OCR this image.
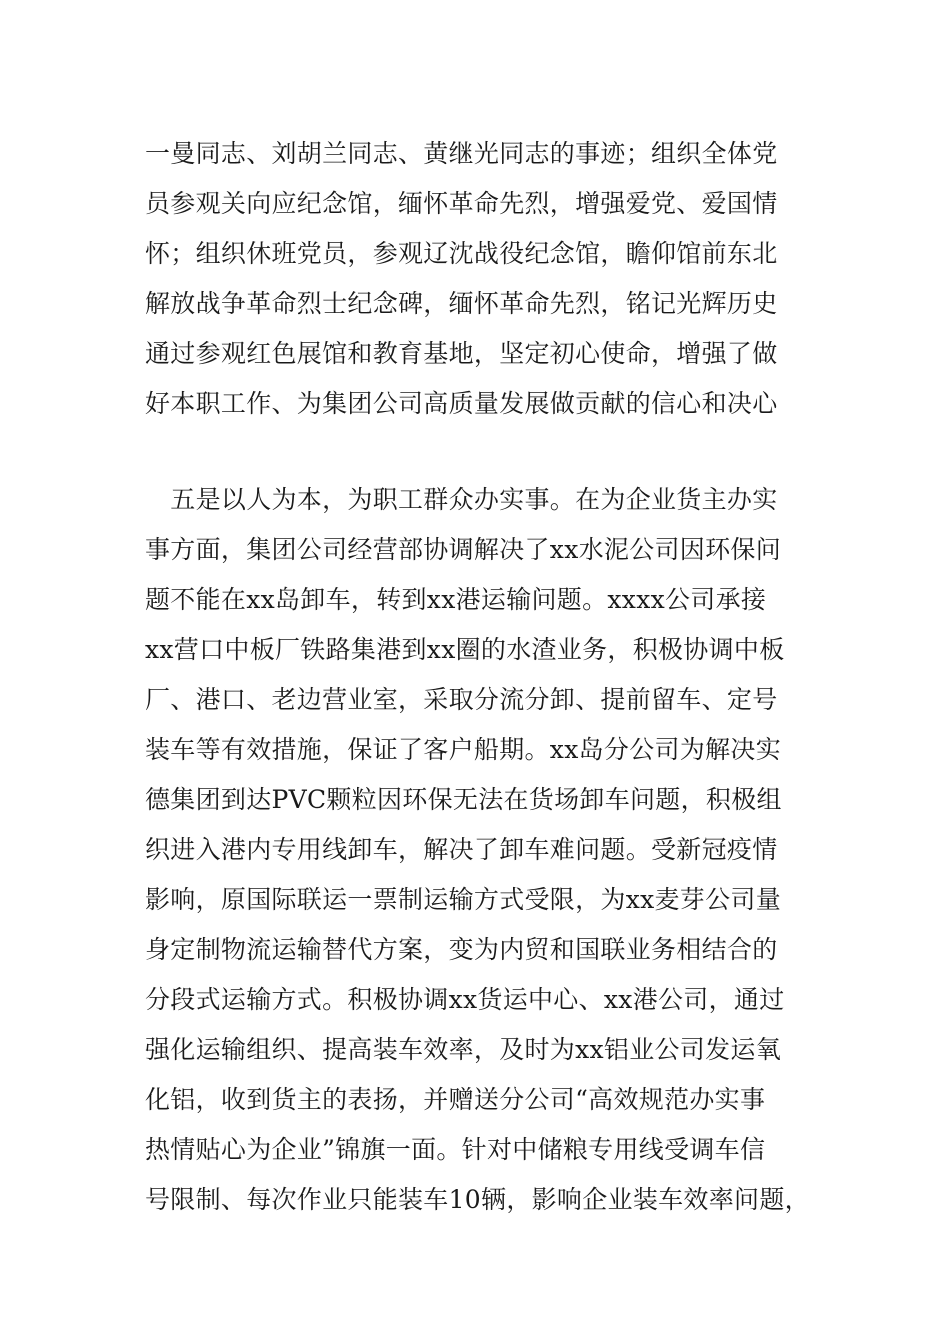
一曼同志、刘胡兰同志、黄继光同志的事迹；组织全体党
员参观关向应纪念馆，缅怀革命先烈，增强爱党、爱国情
怀；组织休班党员，参观辽沈战役纪念馆，瞻仰馆前东北
解放战争革命烈士纪念碑，缅怀革命先烈，铭记光辉历史
通过参观红色展馆和教育基地，坚定初心使命，增强了做
好本职工作、为集团公司高质量发展做贡献的信心和决心
　五是以人为本，为职工群众办实事。在为企业货主办实
事方面，集团公司经营部协调解决了xx水泥公司因环保问
题不能在xx岛卸车，转到xx港运输问题。xxxx公司承接
xx营口中板厂铁路集港到xx圈的水渣业务，积极协调中板
厂、港口、老边营业室，采取分流分卸、提前留车、定号
装车等有效措施，保证了客户船期。xx岛分公司为解决实
德集团到达PVC颗粒因环保无法在货场卸车问题，积极组
织进入港内专用线卸车，解决了卸车难问题。受新冠疫情
影响，原国际联运一票制运输方式受限，为xx麦芽公司量
身定制物流运输替代方案，变为内贸和国联业务相结合的
分段式运输方式。积极协调xx货运中心、xx港公司，通过
强化运输组织、提高装车效率，及时为xx铝业公司发运氧
化铝，收到货主的表扬，并赠送分公司“高效规范办实事
热情贴心为企业”锦旗一面。针对中储粮专用线受调车信
号限制、每次作业只能装车10辆，影响企业装车效率问题，
